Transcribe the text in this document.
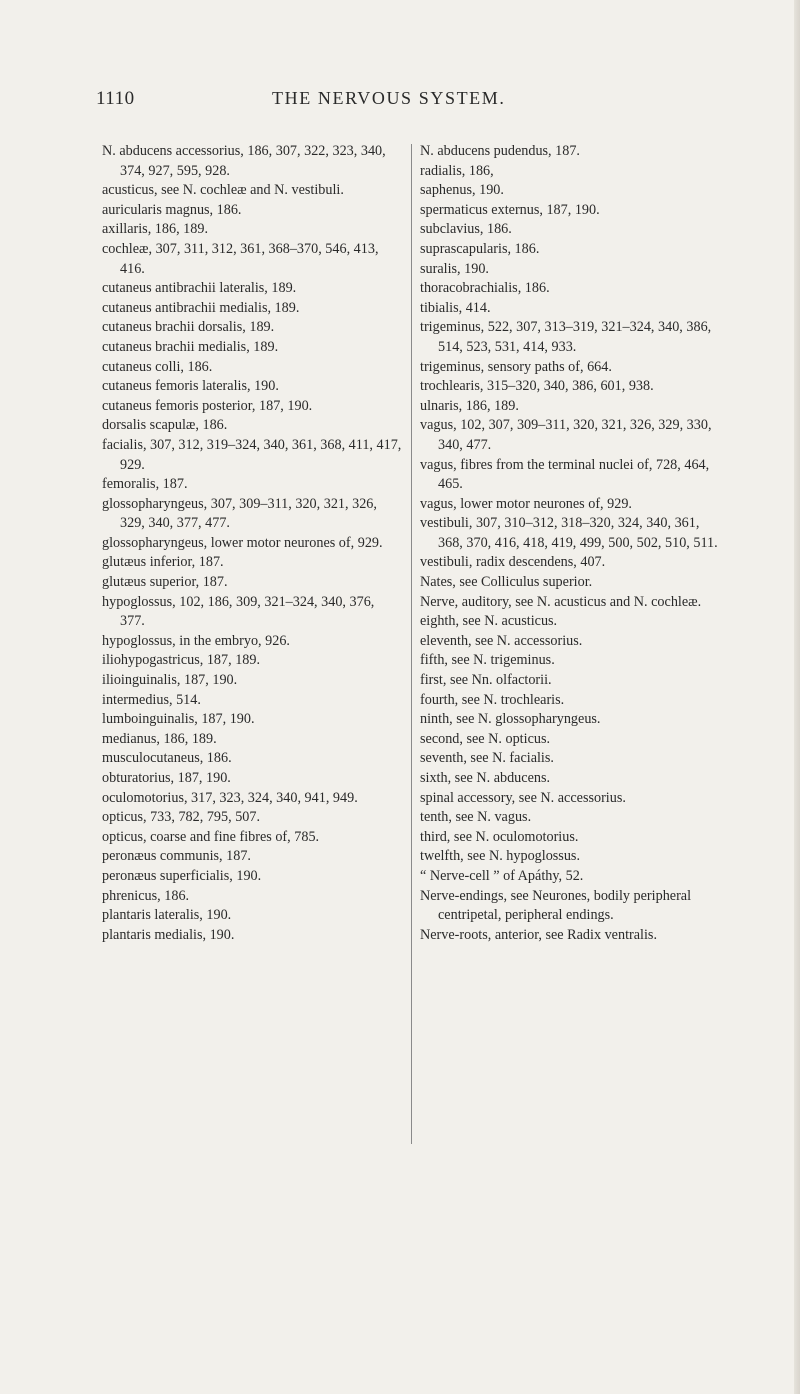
1110	THE NERVOUS SYSTEM.

N. abducens accessorius, 186, 307, 322, 323, 340, 374, 927, 595, 928.

acusticus, see N. cochleæ and N. vestibuli.

auricularis magnus, 186.

axillaris, 186, 189.

cochleæ, 307, 311, 312, 361, 368–370, 546, 413, 416.

cutaneus antibrachii lateralis, 189.

cutaneus antibrachii medialis, 189.

cutaneus brachii dorsalis, 189.

cutaneus brachii medialis, 189.

cutaneus colli, 186.

cutaneus femoris lateralis, 190.

cutaneus femoris posterior, 187, 190.

dorsalis scapulæ, 186.

facialis, 307, 312, 319–324, 340, 361, 368, 411, 417, 929.

femoralis, 187.

glossopharyngeus, 307, 309–311, 320, 321, 326, 329, 340, 377, 477.

glossopharyngeus, lower motor neurones of, 929.

glutæus inferior, 187.

glutæus superior, 187.

hypoglossus, 102, 186, 309, 321–324, 340, 376, 377.

hypoglossus, in the embryo, 926.

iliohypogastricus, 187, 189.

ilioinguinalis, 187, 190.

intermedius, 514.

lumboinguinalis, 187, 190.

medianus, 186, 189.

musculocutaneus, 186.

obturatorius, 187, 190.

oculomotorius, 317, 323, 324, 340, 941, 949.

opticus, 733, 782, 795, 507.

opticus, coarse and fine fibres of, 785.

peronæus communis, 187.

peronæus superficialis, 190.

phrenicus, 186.

plantaris lateralis, 190.

plantaris medialis, 190.

N. abducens pudendus, 187.

radialis, 186,

saphenus, 190.

spermaticus externus, 187, 190.

subclavius, 186.

suprascapularis, 186.

suralis, 190.

thoracobrachialis, 186.

tibialis, 414.

trigeminus, 522, 307, 313–319, 321–324, 340, 386, 514, 523, 531, 414, 933.

trigeminus, sensory paths of, 664.

trochlearis, 315–320, 340, 386, 601, 938.

ulnaris, 186, 189.

vagus, 102, 307, 309–311, 320, 321, 326, 329, 330, 340, 477.

vagus, fibres from the terminal nuclei of, 728, 464, 465.

vagus, lower motor neurones of, 929.

vestibuli, 307, 310–312, 318–320, 324, 340, 361, 368, 370, 416, 418, 419, 499, 500, 502, 510, 511.

vestibuli, radix descendens, 407.

Nates, see Colliculus superior.

Nerve, auditory, see N. acusticus and N. cochleæ.

eighth, see N. acusticus.

eleventh, see N. accessorius.

fifth, see N. trigeminus.

first, see Nn. olfactorii.

fourth, see N. trochlearis.

ninth, see N. glossopharyngeus.

second, see N. opticus.

seventh, see N. facialis.

sixth, see N. abducens.

spinal accessory, see N. accessorius.

tenth, see N. vagus.

third, see N. oculomotorius.

twelfth, see N. hypoglossus.

“ Nerve-cell ” of Apáthy, 52.

Nerve-endings, see Neurones, bodily peripheral centripetal, peripheral endings.

Nerve-roots, anterior, see Radix ventralis.
